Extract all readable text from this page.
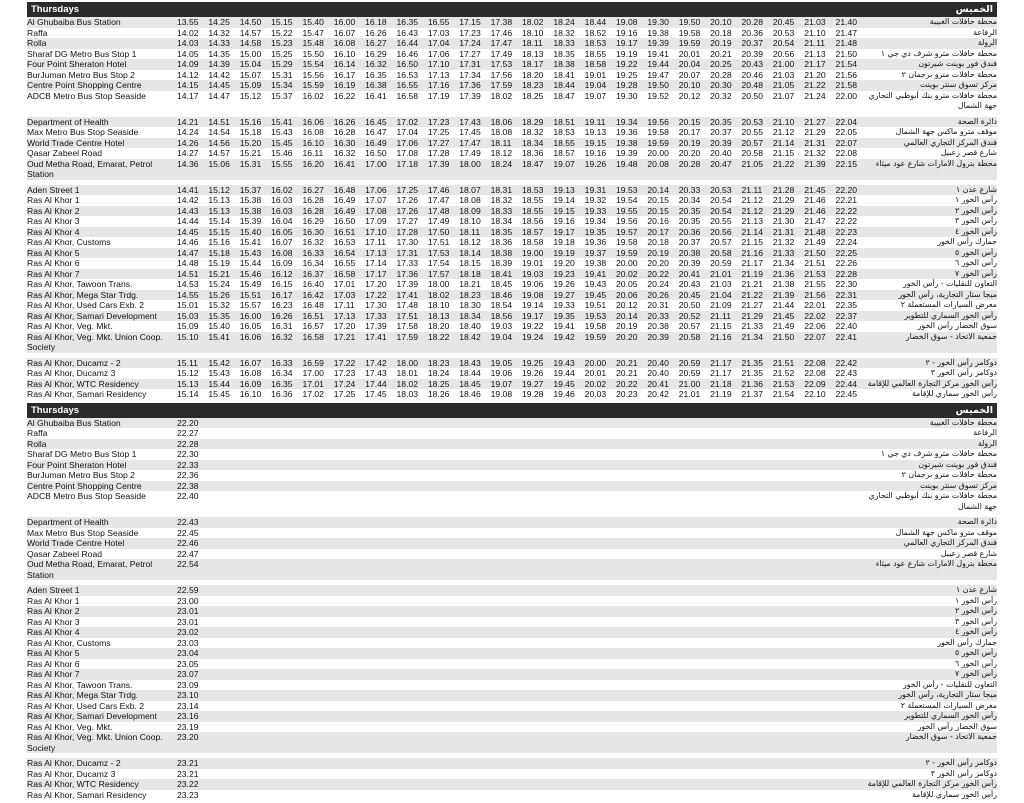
Thursdays	الخميس
Al Ghubaiba Bus Station	13.55	14.25	14.50	15.15	15.40	16.00	16.18	16.35	16.55	17.15	17.38	18.02	18.24	18.44	19.08	19.30	19.50	20.10	20.28	20.45	21.03	21.40	محطة حافلات الغبيبة
Raffa	14.02	14.32	14.57	15.22	15.47	16.07	16.26	16.43	17.03	17.23	17.46	18.10	18.32	18.52	19.16	19.38	19.58	20.18	20.36	20.53	21.10	21.47	الرفاعة
Rolla	14.03	14.33	14.58	15.23	15.48	16.08	16.27	16.44	17.04	17.24	17.47	18.11	18.33	18.53	19.17	19.39	19.59	20.19	20.37	20.54	21.11	21.48	الرولة
Sharaf DG Metro Bus Stop 1	14.05	14.35	15.00	15.25	15.50	16.10	16.29	16.46	17.06	17.27	17.49	18.13	18.35	18.55	19.19	19.41	20.01	20.21	20.39	20.56	21.13	21.50	محطة حافلات مترو شرف دي جي ١
Four Point Sheraton Hotel	14.09	14.39	15.04	15.29	15.54	16.14	16.32	16.50	17.10	17.31	17.53	18.17	18.38	18.58	19.22	19.44	20.04	20.25	20.43	21.00	21.17	21.54	فندق فور بوينت شيرتون
BurJuman Metro Bus Stop 2	14.12	14.42	15.07	15.31	15.56	16.17	16.35	16.53	17.13	17.34	17.56	18.20	18.41	19.01	19.25	19.47	20.07	20.28	20.46	21.03	21.20	21.56	محطة حافلات مترو برجمان ٢
Centre Point Shopping Centre	14.15	14.45	15.09	15.34	15.59	16.19	16.38	16.55	17.16	17.36	17.59	18.23	18.44	19.04	19.28	19.50	20.10	20.30	20.48	21.05	21.22	21.58	مركز تسوق سنتر بوينت
ADCB Metro Bus Stop Seaside	14.17	14.47	15.12	15.37	16.02	16.22	16.41	16.58	17.19	17.39	18.02	18.25	18.47	19.07	19.30	19.52	20.12	20.32	20.50	21.07	21.24	22.00	محطة حافلات مترو بنك أبوظبي التجاري جهة الشمال

Department of Health	14.21	14.51	15.16	15.41	16.06	16.26	16.45	17.02	17.23	17.43	18.06	18.29	18.51	19.11	19.34	19.56	20.15	20.35	20.53	21.10	21.27	22.04	دائرة الصحة
Max Metro Bus Stop Seaside	14.24	14.54	15.18	15.43	16.08	16.28	16.47	17.04	17.25	17.45	18.08	18.32	18.53	19.13	19.36	19.58	20.17	20.37	20.55	21.12	21.29	22.05	موقف مترو ماكس جهة الشمال
World Trade Centre Hotel	14.26	14.56	15.20	15.45	16.10	16.30	16.49	17.06	17.27	17.47	18.11	18.34	18.55	19.15	19.38	19.59	20.19	20.39	20.57	21.14	21.31	22.07	فندق المركز التجاري العالمي
Qasar Zabeel Road	14.27	14.57	15.21	15.46	16.11	16.32	16.50	17.08	17.28	17.49	18.12	18.36	18.57	19.16	19.39	20.00	20.20	20.40	20.58	21.15	21.32	22.08	شارع قصر زعبيل
Oud Metha Road, Emarat, Petrol Station	14.36	15.06	15.31	15.55	16.20	16.41	17.00	17.18	17.39	18.00	18.24	18.47	19.07	19.26	19.48	20.08	20.28	20.47	21.05	21.22	21.39	22.15	محطة بترول الامارات شارع عود ميثاء

Aden Street 1	14.41	15.12	15.37	16.02	16.27	16.48	17.06	17.25	17.46	18.07	18.31	18.53	19.13	19.31	19.53	20.14	20.33	20.53	21.11	21.28	21.45	22.20	شارع عدن ١
Ras Al Khor 1	14.42	15.13	15.38	16.03	16.28	16.49	17.07	17.26	17.47	18.08	18.32	18.55	19.14	19.32	19.54	20.15	20.34	20.54	21.12	21.29	21.46	22.21	رأس الخور ١
Ras Al Khor 2	14.43	15.13	15.38	16.03	16.28	16.49	17.08	17.26	17.48	18.09	18.33	18.55	19.15	19.33	19.55	20.15	20.35	20.54	21.12	21.29	21.46	22.22	رأس الخور ٢
Ras Al Khor 3	14.44	15.14	15.39	16.04	16.29	16.50	17.09	17.27	17.49	18.10	18.34	18.56	19.16	19.34	19.56	20.16	20.35	20.55	21.13	21.30	21.47	22.22	رأس الخور ٣
Ras Al Khor 4	14.45	15.15	15.40	16.05	16.30	16.51	17.10	17.28	17.50	18.11	18.35	18.57	19.17	19.35	19.57	20.17	20.36	20.56	21.14	21.31	21.48	22.23	رأس الخور ٤
Ras Al Khor, Customs	14.46	15.16	15.41	16.07	16.32	16.53	17.11	17.30	17.51	18.12	18.36	18.58	19.18	19.36	19.58	20.18	20.37	20.57	21.15	21.32	21.49	22.24	جمارك رأس الخور
Ras Al Khor 5	14.47	15.18	15.43	16.08	16.33	16.54	17.13	17.31	17.53	18.14	18.38	19.00	19.19	19.37	19.59	20.19	20.38	20.58	21.16	21.33	21.50	22.25	رأس الخور ٥
Ras Al Khor 6	14.48	15.19	15.44	16.09	16.34	16.55	17.14	17.33	17.54	18.15	18.39	19.01	19.20	19.38	20.00	20.20	20.39	20.59	21.17	21.34	21.51	22.26	رأس الخور ٦
Ras Al Khor 7	14.51	15.21	15.46	16.12	16.37	16.58	17.17	17.36	17.57	18.18	18.41	19.03	19.23	19.41	20.02	20.22	20.41	21.01	21.19	21.36	21.53	22.28	رأس الخور ٧
Ras Al Khor, Tawoon Trans.	14.53	15.24	15.49	16.15	16.40	17.01	17.20	17.39	18.00	18.21	18.45	19.06	19.26	19.43	20.05	20.24	20.43	21.03	21.21	21.38	21.55	22.30	التعاون للنقليات - رأس الخور
Ras Al Khor, Mega Star Trdg.	14.55	15.26	15.51	16.17	16.42	17.03	17.22	17.41	18.02	18.23	18.46	19.08	19.27	19.45	20.06	20.26	20.45	21.04	21.22	21.39	21.56	22.31	ميجا ستار التجارية، رأس الخور
Ras Al Khor, Used Cars Exb. 2	15.01	15.32	15.57	16.23	16.48	17.11	17.30	17.48	18.10	18.30	18.54	19.14	19.33	19.51	20.12	20.31	20.50	21.09	21.27	21.44	22.01	22.35	معرض السيارات المستعملة ٢
Ras Al Khor, Samari Development	15.03	15.35	16.00	16.26	16.51	17.13	17.33	17.51	18.13	18.34	18.56	19.17	19.35	19.53	20.14	20.33	20.52	21.11	21.29	21.45	22.02	22.37	رأس الخور السماري للتطوير
Ras Al Khor, Veg. Mkt.	15.09	15.40	16.05	16.31	16.57	17.20	17.39	17.58	18.20	18.40	19.03	19.22	19.41	19.58	20.19	20.38	20.57	21.15	21.33	21.49	22.06	22.40	سوق الخضار رأس الخور
Ras Al Khor, Veg. Mkt. Union Coop. Society	15.10	15.41	16.06	16.32	16.58	17.21	17.41	17.59	18.22	18.42	19.04	19.24	19.42	19.59	20.20	20.39	20.58	21.16	21.34	21.50	22.07	22.41	جمعية الاتحاد - سوق الخضار

Ras Al Khor, Ducamz - 2	15.11	15.42	16.07	16.33	16.59	17.22	17.42	18.00	18.23	18.43	19.05	19.25	19.43	20.00	20.21	20.40	20.59	21.17	21.35	21.51	22.08	22.42	دوكامز رأس الخور - ٢
Ras Al Khor, Ducamz 3	15.12	15.43	16.08	16.34	17.00	17.23	17.43	18.01	18.24	18.44	19.06	19.26	19.44	20.01	20.21	20.40	20.59	21.17	21.35	21.52	22.08	22.43	دوكامز رأس الخور ٣
Ras Al Khor, WTC Residency	15.13	15.44	16.09	16.35	17.01	17.24	17.44	18.02	18.25	18.45	19.07	19.27	19.45	20.02	20.22	20.41	21.00	21.18	21.36	21.53	22.09	22.44	رأس الخور مركز التجارة العالمي للإقامة
Ras Al Khor, Samari Residency	15.14	15.45	16.10	16.36	17.02	17.25	17.45	18.03	18.26	18.46	19.08	19.28	19.46	20.03	20.23	20.42	21.01	21.19	21.37	21.54	22.10	22.45	رأس الخور سماري للإقامة
Thursdays	الخميس
Al Ghubaiba Bus Station	22.20																						محطة حافلات الغبيبة
Raffa	22.27																						الرفاعة
Rolla	22.28																						الرولة
Sharaf DG Metro Bus Stop 1	22.30																						محطة حافلات مترو شرف دي جي ١
Four Point Sheraton Hotel	22.33																						فندق فور بوينت شيرتون
BurJuman Metro Bus Stop 2	22.36																						محطة حافلات مترو برجمان ٢
Centre Point Shopping Centre	22.38																						مركز تسوق سنتر بوينت
ADCB Metro Bus Stop Seaside	22.40																						محطة حافلات مترو بنك أبوظبي التجاري جهة الشمال

Department of Health	22.43																						دائرة الصحة
Max Metro Bus Stop Seaside	22.45																						موقف مترو ماكس جهة الشمال
World Trade Centre Hotel	22.46																						فندق المركز التجاري العالمي
Qasar Zabeel Road	22.47																						شارع قصر زعبيل
Oud Metha Road, Emarat, Petrol Station	22.54																						محطة بترول الامارات شارع عود ميثاء

Aden Street 1	22.59																						شارع عدن ١
Ras Al Khor 1	23.00																						رأس الخور ١
Ras Al Khor 2	23.01																						رأس الخور ٢
Ras Al Khor 3	23.01																						رأس الخور ٣
Ras Al Khor 4	23.02																						رأس الخور ٤
Ras Al Khor, Customs	23.03																						جمارك رأس الخور
Ras Al Khor 5	23.04																						رأس الخور ٥
Ras Al Khor 6	23.05																						رأس الخور ٦
Ras Al Khor 7	23.07																						رأس الخور ٧
Ras Al Khor, Tawoon Trans.	23.09																						التعاون للنقليات - رأس الخور
Ras Al Khor, Mega Star Trdg.	23.10																						ميجا ستار التجارية، رأس الخور
Ras Al Khor, Used Cars Exb. 2	23.14																						معرض السيارات المستعملة ٢
Ras Al Khor, Samari Development	23.16																						رأس الخور السماري للتطوير
Ras Al Khor, Veg. Mkt.	23.19																						سوق الخضار رأس الخور
Ras Al Khor, Veg. Mkt. Union Coop. Society	23.20																						جمعية الاتحاد - سوق الخضار

Ras Al Khor, Ducamz - 2	23.21																						دوكامز رأس الخور - ٢
Ras Al Khor, Ducamz 3	23.21																						دوكامز رأس الخور ٣
Ras Al Khor, WTC Residency	23.22																						رأس الخور مركز التجارة العالمي للإقامة
Ras Al Khor, Samari Residency	23.23																						رأس الخور سماري للإقامة
